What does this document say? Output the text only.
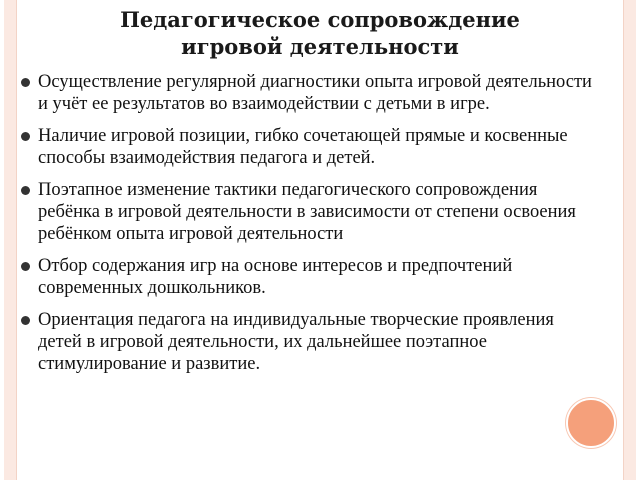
Педагогическое сопровождение
игровой деятельности
Осуществление регулярной диагностики опыта игровой деятельности и учёт ее результатов во взаимодействии с детьми в игре.
Наличие игровой позиции, гибко сочетающей прямые и косвенные способы взаимодействия педагога и детей.
Поэтапное изменение тактики педагогического сопровождения ребёнка в игровой деятельности в зависимости от степени освоения ребёнком опыта игровой деятельности
Отбор содержания игр на основе интересов и предпочтений современных дошкольников.
Ориентация педагога на индивидуальные творческие проявления детей в игровой деятельности, их дальнейшее поэтапное стимулирование и развитие.
